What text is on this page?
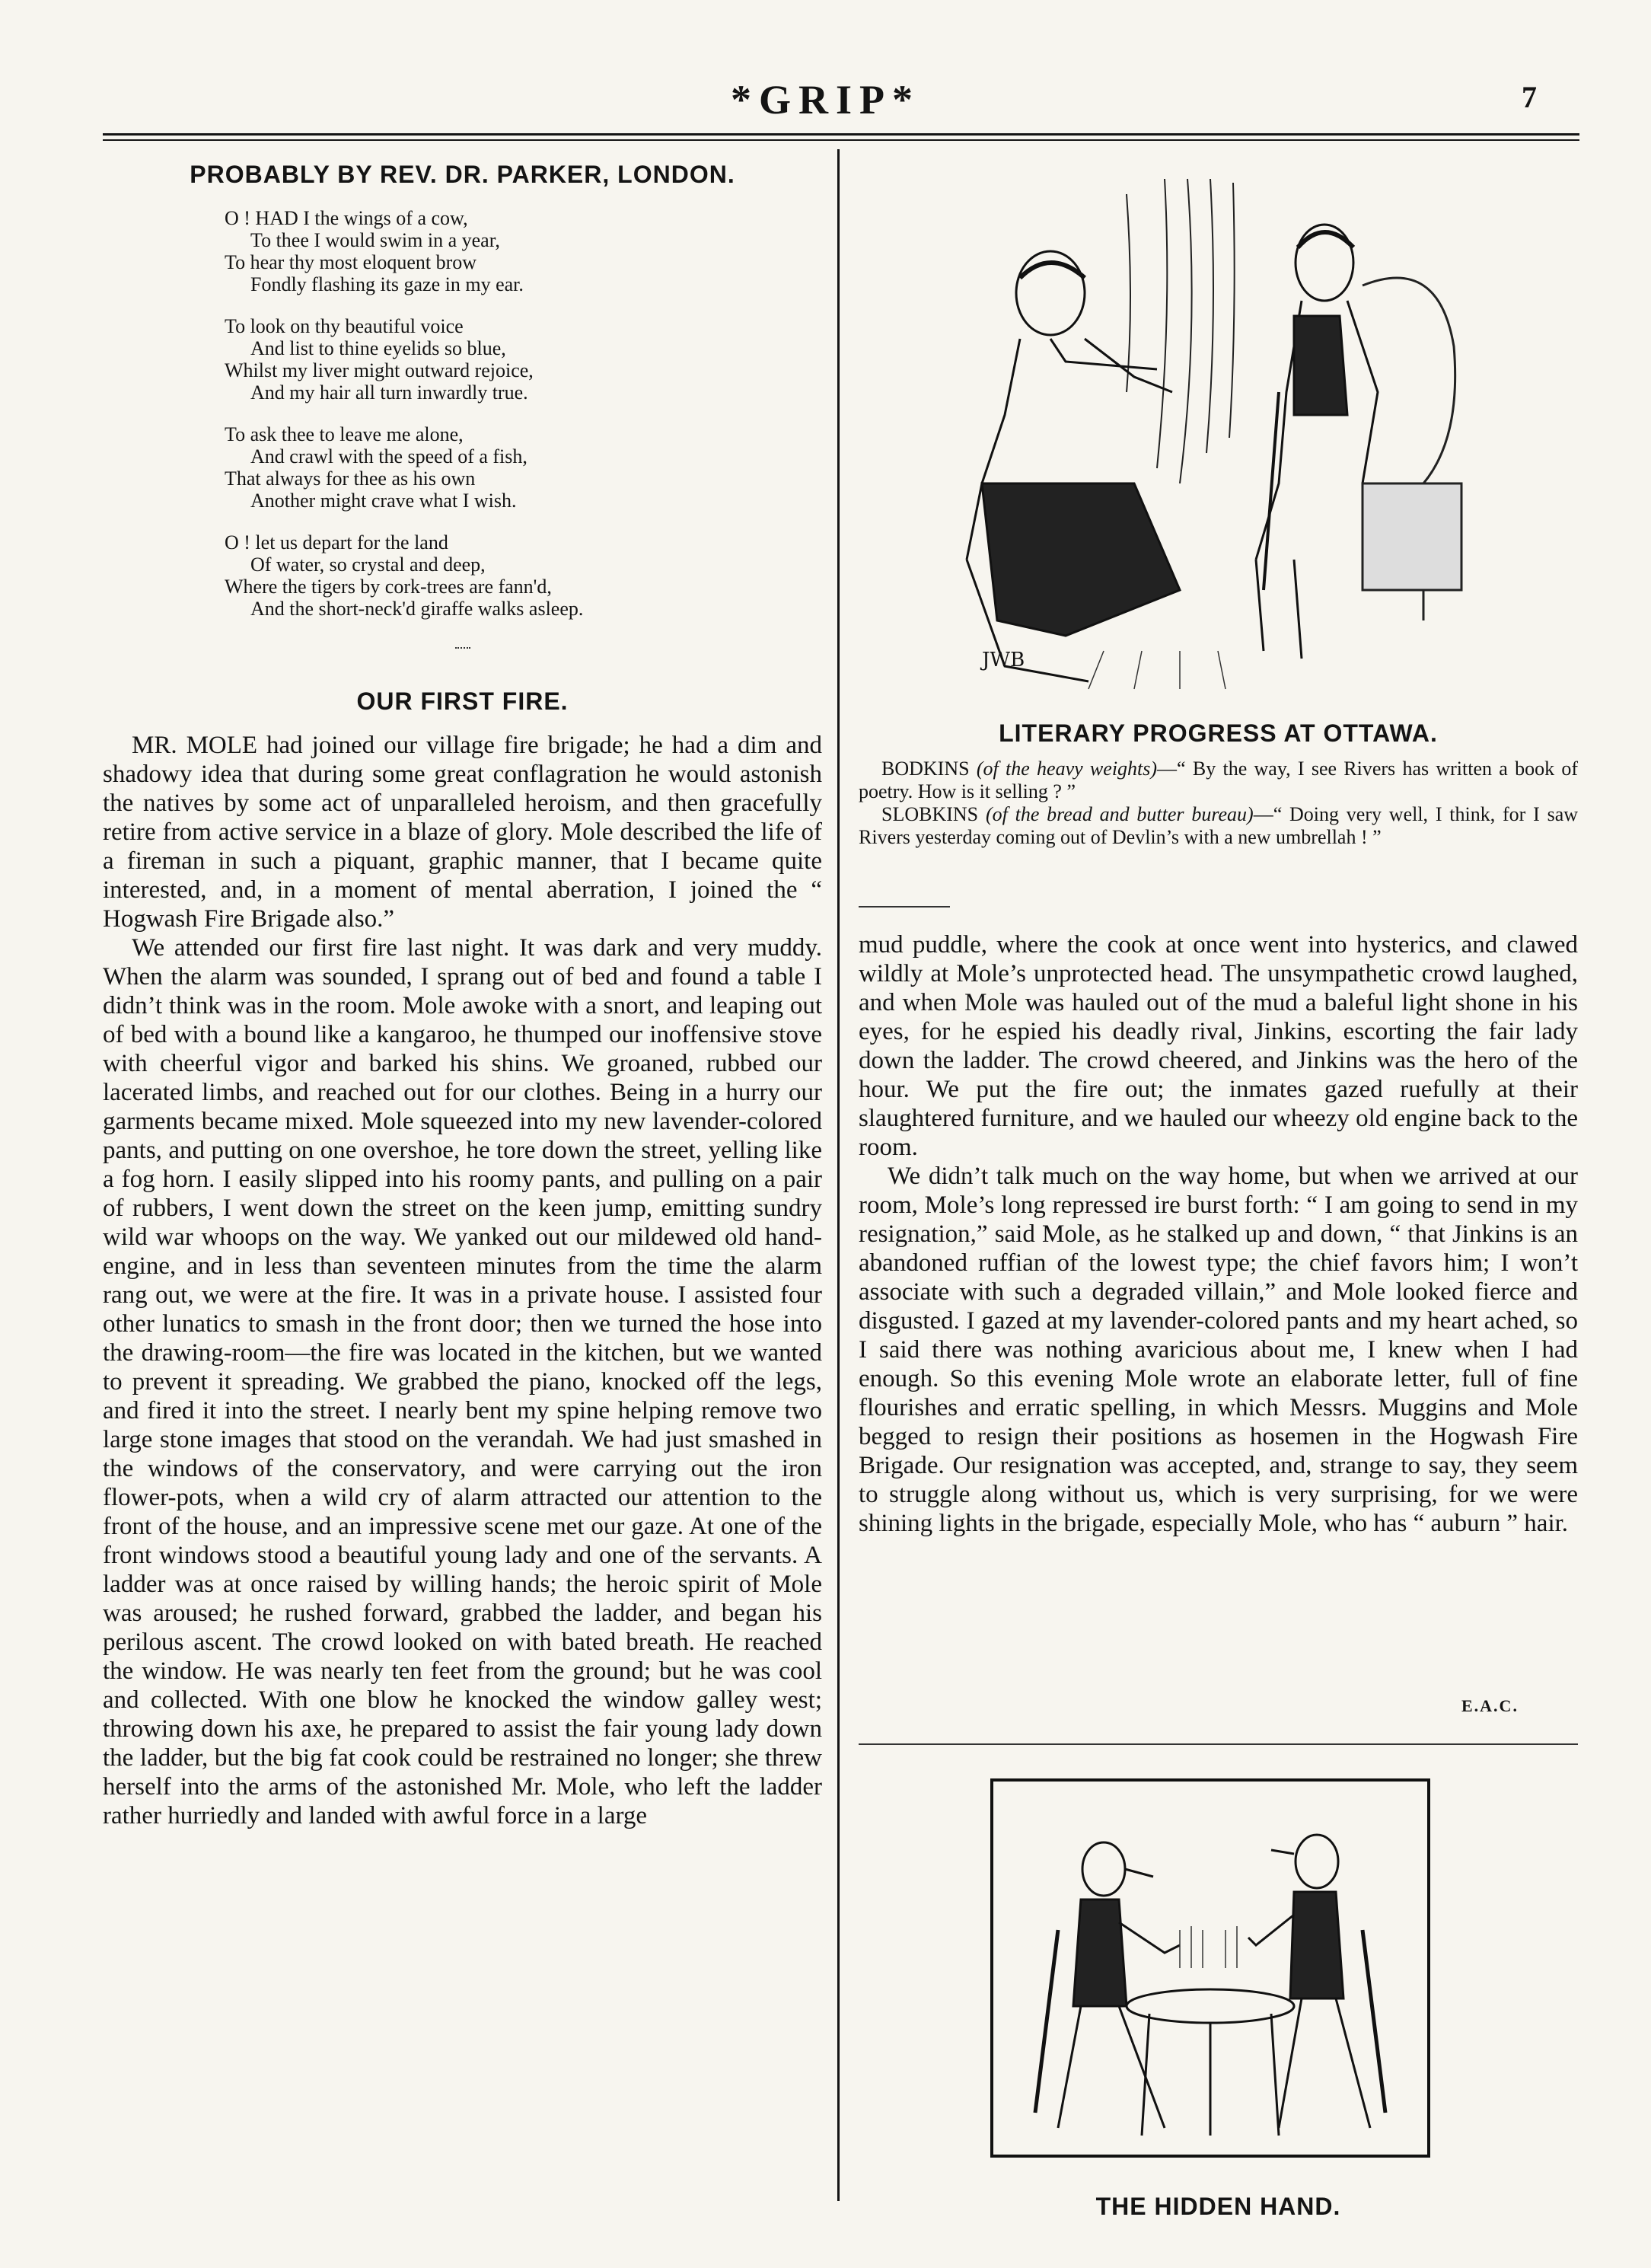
*GRIP*	7
PROBABLY BY REV. DR. PARKER, LONDON.
O ! HAD I the wings of a cow,
To thee I would swim in a year,
To hear thy most eloquent brow
Fondly flashing its gaze in my ear.
To look on thy beautiful voice
And list to thine eyelids so blue,
Whilst my liver might outward rejoice,
And my hair all turn inwardly true.
To ask thee to leave me alone,
And crawl with the speed of a fish,
That always for thee as his own
Another might crave what I wish.
O ! let us depart for the land
Of water, so crystal and deep,
Where the tigers by cork-trees are fann'd,
And the short-neck'd giraffe walks asleep.
OUR FIRST FIRE.

MR. MOLE had joined our village fire brigade; he had a dim and shadowy idea that during some great conflagration he would astonish the natives by some act of unparalleled heroism, and then gracefully retire from active service in a blaze of glory. Mole described the life of a fireman in such a piquant, graphic manner, that I became quite interested, and, in a moment of mental aberration, I joined the “ Hogwash Fire Brigade also.”

We attended our first fire last night. It was dark and very muddy. When the alarm was sounded, I sprang out of bed and found a table I didn’t think was in the room. Mole awoke with a snort, and leaping out of bed with a bound like a kangaroo, he thumped our inoffensive stove with cheerful vigor and barked his shins. We groaned, rubbed our lacerated limbs, and reached out for our clothes. Being in a hurry our garments became mixed. Mole squeezed into my new lavender-colored pants, and putting on one overshoe, he tore down the street, yelling like a fog horn. I easily slipped into his roomy pants, and pulling on a pair of rubbers, I went down the street on the keen jump, emitting sundry wild war whoops on the way. We yanked out our mildewed old hand-engine, and in less than seventeen minutes from the time the alarm rang out, we were at the fire. It was in a private house. I assisted four other lunatics to smash in the front door; then we turned the hose into the drawing-room—the fire was located in the kitchen, but we wanted to prevent it spreading. We grabbed the piano, knocked off the legs, and fired it into the street. I nearly bent my spine helping remove two large stone images that stood on the verandah. We had just smashed in the windows of the conservatory, and were carrying out the iron flower-pots, when a wild cry of alarm attracted our attention to the front of the house, and an impressive scene met our gaze. At one of the front windows stood a beautiful young lady and one of the servants. A ladder was at once raised by willing hands; the heroic spirit of Mole was aroused; he rushed forward, grabbed the ladder, and began his perilous ascent. The crowd looked on with bated breath. He reached the window. He was nearly ten feet from the ground; but he was cool and collected. With one blow he knocked the window galley west; throwing down his axe, he prepared to assist the fair young lady down the ladder, but the big fat cook could be restrained no longer; she threw herself into the arms of the astonished Mr. Mole, who left the ladder rather hurriedly and landed with awful force in a large

JWB
LITERARY PROGRESS AT OTTAWA.

BODKINS (of the heavy weights)—“ By the way, I see Rivers has written a book of poetry. How is it selling ? ”

SLOBKINS (of the bread and butter bureau)—“ Doing very well, I think, for I saw Rivers yesterday coming out of Devlin’s with a new umbrellah ! ”

mud puddle, where the cook at once went into hysterics, and clawed wildly at Mole’s unprotected head. The unsympathetic crowd laughed, and when Mole was hauled out of the mud a baleful light shone in his eyes, for he espied his deadly rival, Jinkins, escorting the fair lady down the ladder. The crowd cheered, and Jinkins was the hero of the hour. We put the fire out; the inmates gazed ruefully at their slaughtered furniture, and we hauled our wheezy old engine back to the room.

We didn’t talk much on the way home, but when we arrived at our room, Mole’s long repressed ire burst forth: “ I am going to send in my resignation,” said Mole, as he stalked up and down, “ that Jinkins is an abandoned ruffian of the lowest type; the chief favors him; I won’t associate with such a degraded villain,” and Mole looked fierce and disgusted. I gazed at my lavender-colored pants and my heart ached, so I said there was nothing avaricious about me, I knew when I had enough. So this evening Mole wrote an elaborate letter, full of fine flourishes and erratic spelling, in which Messrs. Muggins and Mole begged to resign their positions as hosemen in the Hogwash Fire Brigade. Our resignation was accepted, and, strange to say, they seem to struggle along without us, which is very surprising, for we were shining lights in the brigade, especially Mole, who has “ auburn ” hair.

E.A.C.
THE HIDDEN HAND.
